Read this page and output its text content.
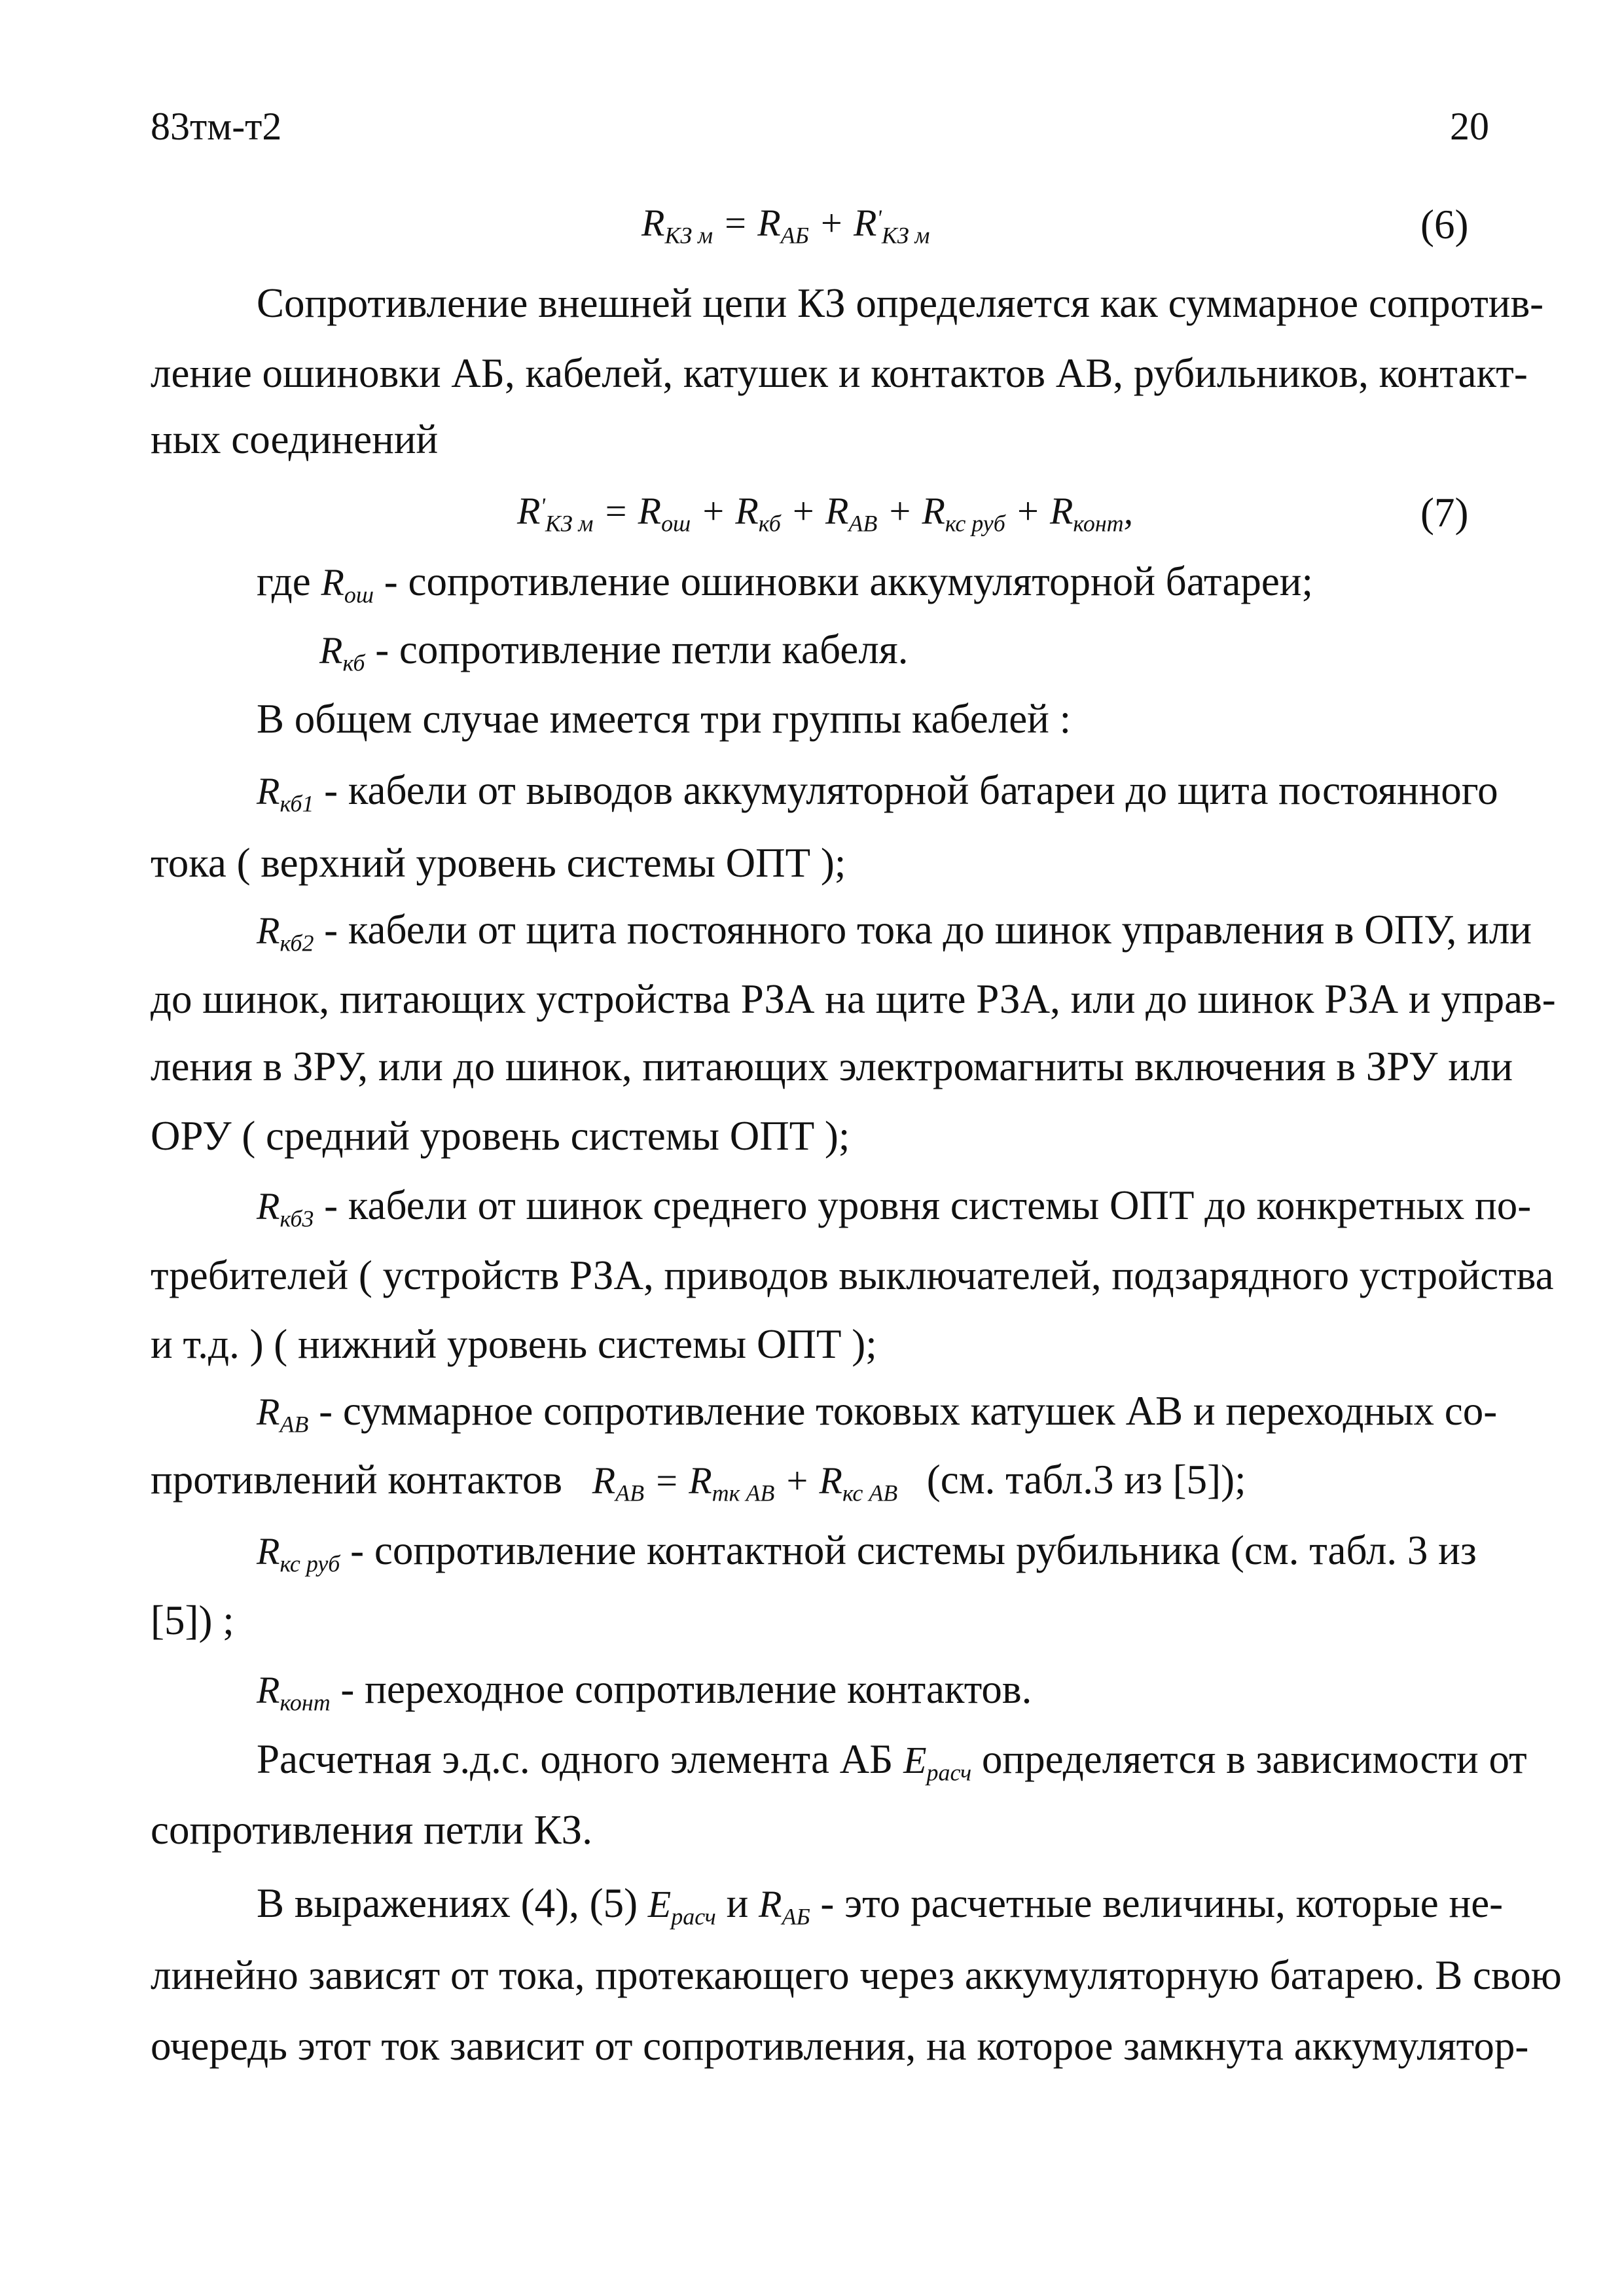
83тм-т2	20
$R_{КЗ м} = R_{АБ} + R'_{КЗ м}$	(6)
Сопротивление внешней цепи КЗ определяется как суммарное сопротив-
ление ошиновки АБ, кабелей, катушек и контактов АВ, рубильников, контакт-
ных соединений
$R'_{КЗ м} = R_{ош} + R_{кб} + R_{АВ} + R_{кс руб} + R_{конт}$,	(7)
где $R_{ош}$ - сопротивление ошиновки аккумуляторной батареи;
$R_{кб}$ - сопротивление петли кабеля.
В общем случае имеется три группы кабелей :
$R_{кб1}$ - кабели от выводов аккумуляторной батареи до щита постоянного
тока ( верхний уровень системы ОПТ );
$R_{кб2}$ - кабели от щита постоянного тока до шинок управления в ОПУ, или
до шинок, питающих устройства РЗА на щите РЗА, или до шинок РЗА и управ-
ления в ЗРУ, или до шинок, питающих электромагниты включения в ЗРУ или
ОРУ ( средний уровень системы ОПТ );
$R_{кб3}$ - кабели от шинок среднего уровня системы ОПТ до конкретных по-
требителей ( устройств РЗА, приводов выключателей, подзарядного устройства
и т.д. ) ( нижний уровень системы ОПТ );
$R_{АВ}$ - суммарное сопротивление токовых катушек АВ и переходных со-
противлений контактов $R_{АВ} = R_{тк АВ} + R_{кс АВ}$ (см. табл.3 из [5]);
$R_{кс руб}$ - сопротивление контактной системы рубильника (см. табл. 3 из
[5]) ;
$R_{конт}$ - переходное сопротивление контактов.
Расчетная э.д.с. одного элемента АБ $E_{расч}$ определяется в зависимости от
сопротивления петли КЗ.
В выражениях (4), (5) $E_{расч}$ и $R_{АБ}$ - это расчетные величины, которые не-
линейно зависят от тока, протекающего через аккумуляторную батарею. В свою
очередь этот ток зависит от сопротивления, на которое замкнута аккумулятор-
